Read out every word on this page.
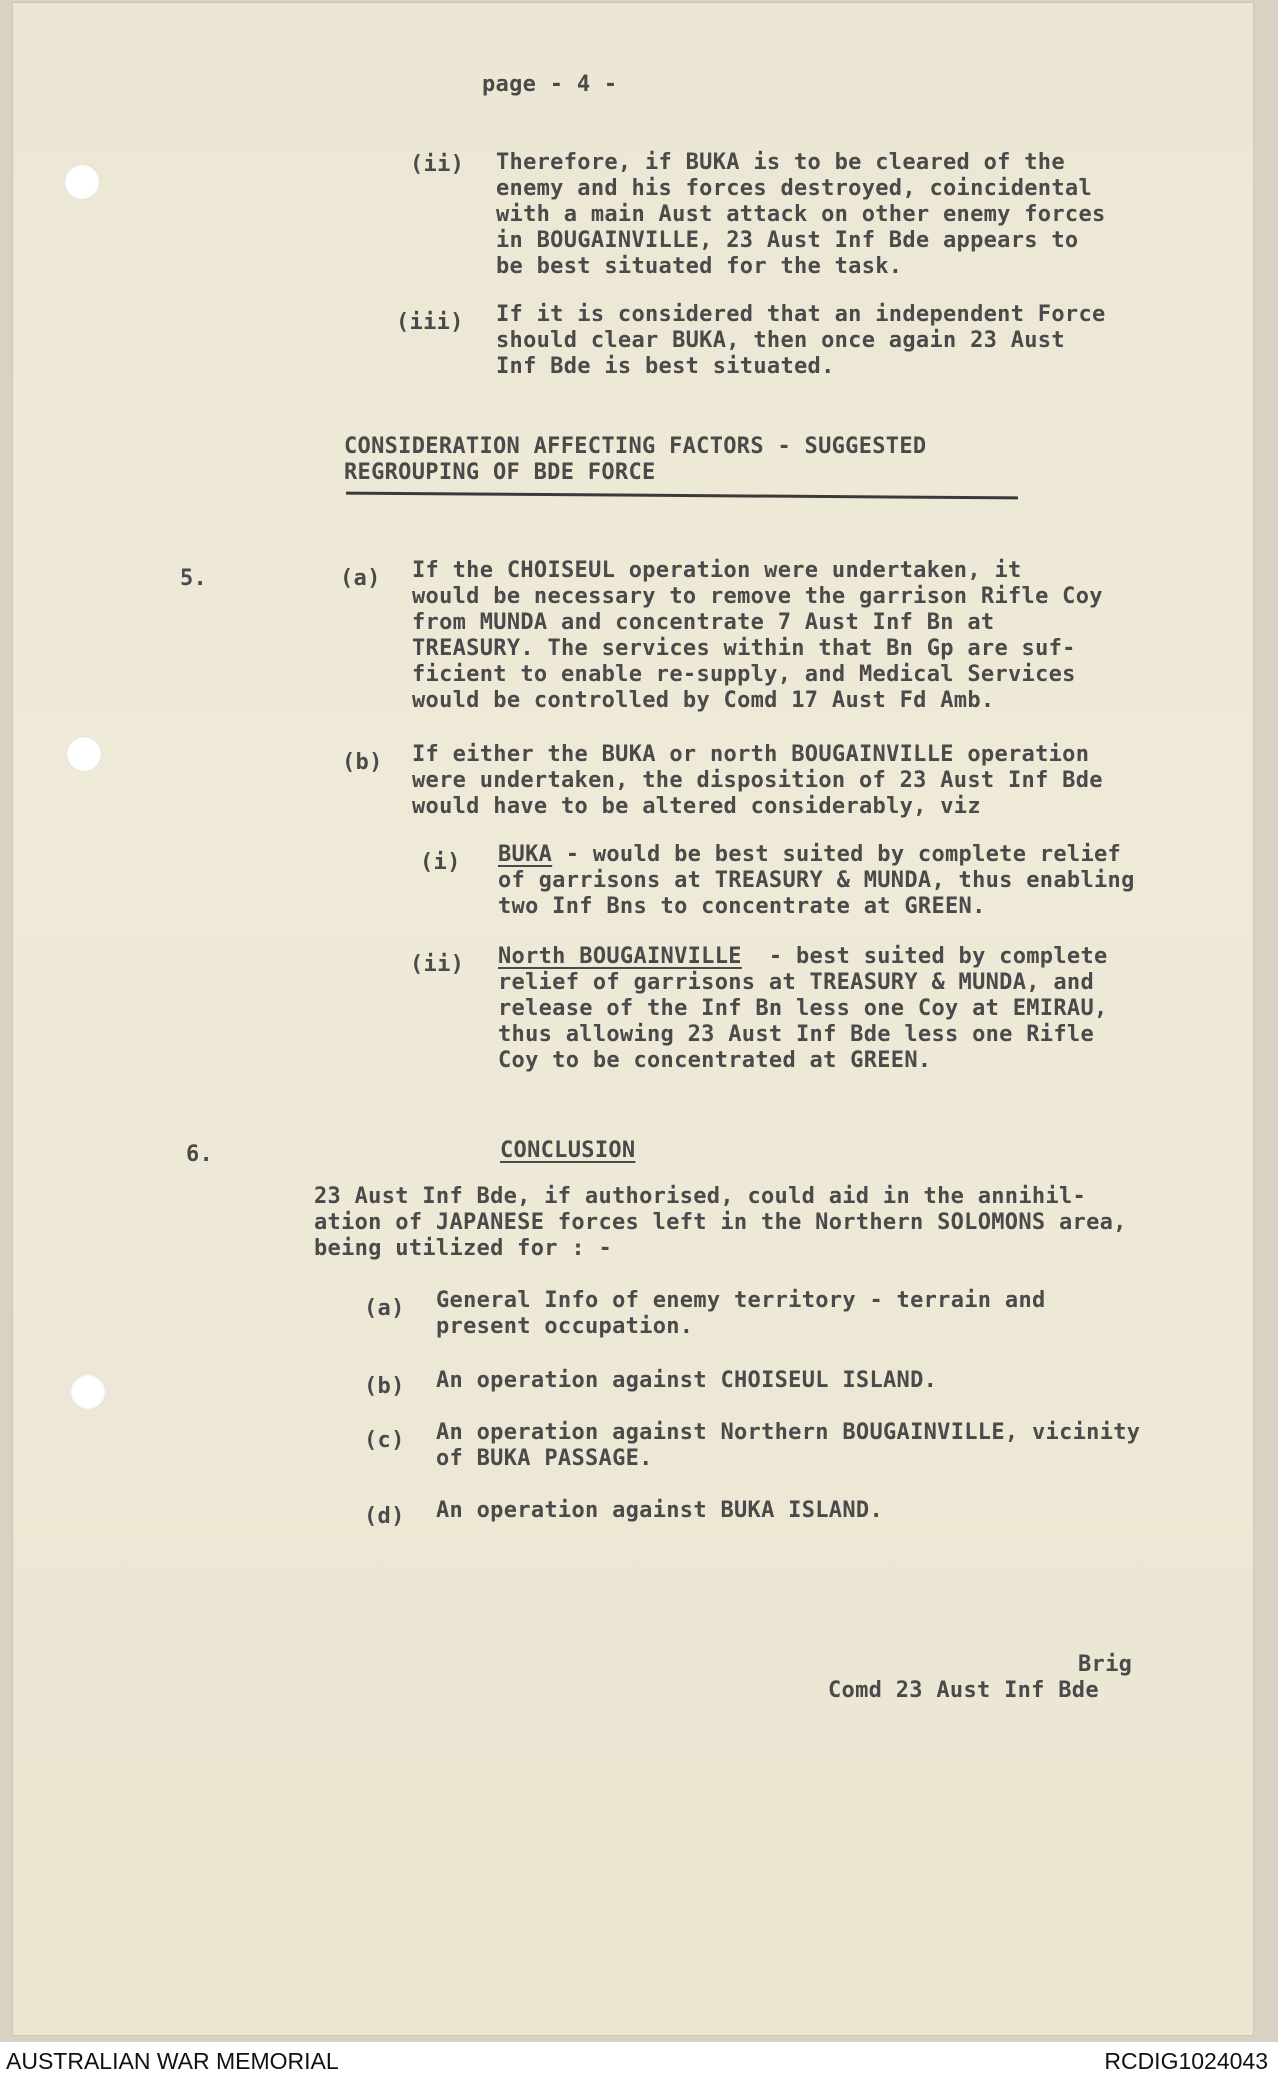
page - 4 -
(ii) Therefore, if BUKA is to be cleared of the
enemy and his forces destroyed, coincidental
with a main Aust attack on other enemy forces
in BOUGAINVILLE, 23 Aust Inf Bde appears to
be best situated for the task.
(iii) If it is considered that an independent Force
should clear BUKA, then once again 23 Aust
Inf Bde is best situated.
CONSIDERATION AFFECTING FACTORS - SUGGESTED
REGROUPING OF BDE FORCE
5.	(a) If the CHOISEUL operation were undertaken, it
would be necessary to remove the garrison Rifle Coy
from MUNDA and concentrate 7 Aust Inf Bn at
TREASURY. The services within that Bn Gp are suf-
ficient to enable re-supply, and Medical Services
would be controlled by Comd 17 Aust Fd Amb.
(b) If either the BUKA or north BOUGAINVILLE operation
were undertaken, the disposition of 23 Aust Inf Bde
would have to be altered considerably, viz
(i) BUKA - would be best suited by complete relief
of garrisons at TREASURY & MUNDA, thus enabling
two Inf Bns to concentrate at GREEN.
(ii) North BOUGAINVILLE  - best suited by complete
relief of garrisons at TREASURY & MUNDA, and
release of the Inf Bn less one Coy at EMIRAU,
thus allowing 23 Aust Inf Bde less one Rifle
Coy to be concentrated at GREEN.
6.	CONCLUSION
23 Aust Inf Bde, if authorised, could aid in the annihil-
ation of JAPANESE forces left in the Northern SOLOMONS area,
being utilized for : -
(a) General Info of enemy territory - terrain and
present occupation.
(b) An operation against CHOISEUL ISLAND.
(c) An operation against Northern BOUGAINVILLE, vicinity
of BUKA PASSAGE.
(d) An operation against BUKA ISLAND.
Brig
Comd 23 Aust Inf Bde
AUSTRALIAN WAR MEMORIAL	RCDIG1024043
